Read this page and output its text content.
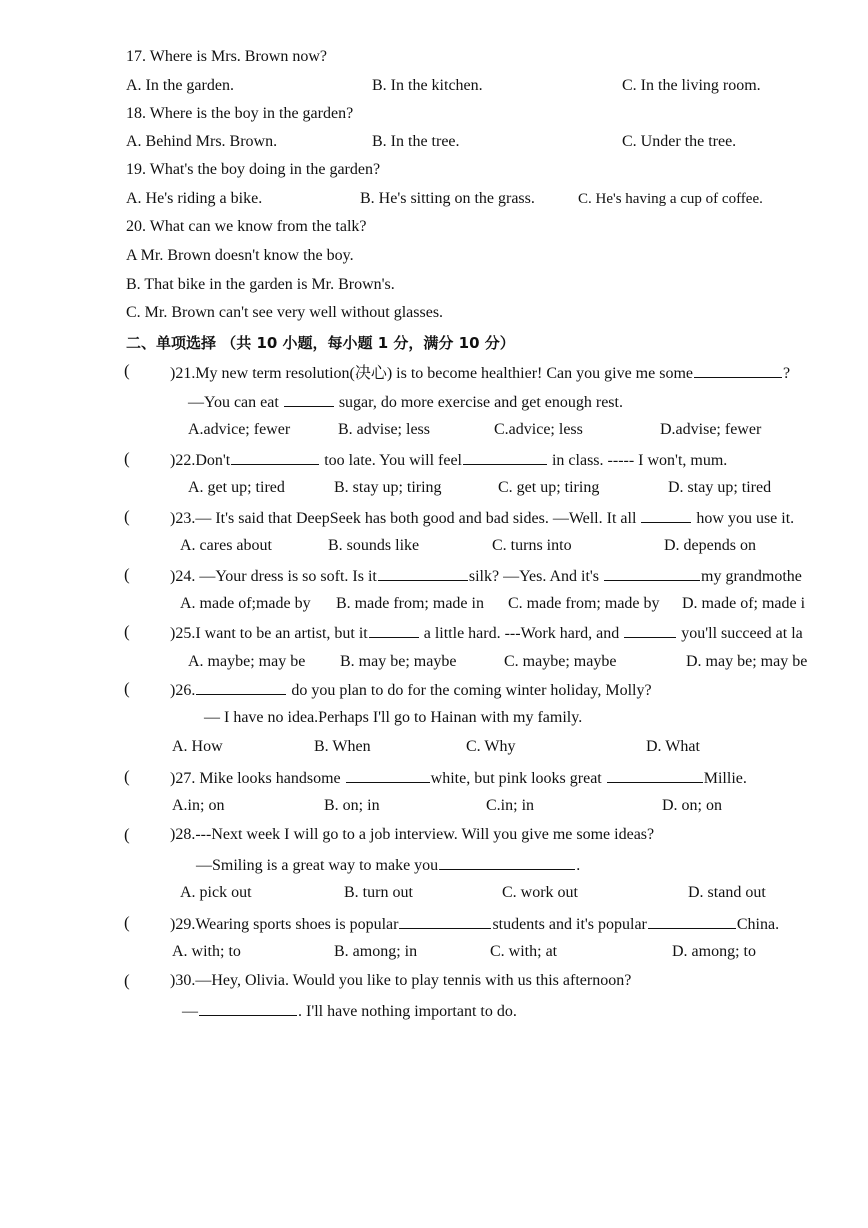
17. Where is Mrs. Brown now?
A. In the garden.	B. In the kitchen.	C. In the living room.
18. Where is the boy in the garden?
A. Behind Mrs. Brown.	B. In the tree.	C. Under the tree.
19. What's the boy doing in the garden?
A. He's riding a bike.	B. He's sitting on the grass.	C. He's having a cup of coffee.
20. What can we know from the talk?
A Mr. Brown doesn't know the boy.
B. That bike in the garden is Mr. Brown's.
C. Mr. Brown can't see very well without glasses.
二、单项选择 （共 10 小题，每小题 1 分，满分 10 分）
(	)21.My new term resolution(决心) is to become healthier! Can you give me some	?
—You can eat	sugar, do more exercise and get enough rest.
A.advice; fewer	B. advise; less	C.advice; less	D.advise; fewer
(	)22.Don't	too late. You will feel	in class. ----- I won't, mum.
A. get up; tired	B. stay up; tiring	C. get up; tiring	D. stay up; tired
(	)23.— It's said that DeepSeek has both good and bad sides. —Well. It all	how you use it.
A. cares about	B. sounds like	C. turns into	D. depends on
(	)24. —Your dress is so soft. Is it	silk? —Yes. And it's	my grandmothe
A. made of;made by B. made from; made in C. made from; made by D. made of; made i
(	)25.I want to be an artist, but it	a little hard. ---Work hard, and	you'll succeed at la
A. maybe; may be B. may be; maybe	C. maybe; maybe	D. may be; may be
(	)26.	do you plan to do for the coming winter holiday, Molly?
— I have no idea.Perhaps I'll go to Hainan with my family.
A. How	B. When	C. Why	D. What
(	)27. Mike looks handsome	white, but pink looks great	Millie.
A.in; on	B. on; in	C.in; in	D. on; on
(	)28.---Next week I will go to a job interview. Will you give me some ideas?
—Smiling is a great way to make you	.
A. pick out	B. turn out	C. work out	D. stand out
(	)29.Wearing sports shoes is popular	students and it's popular	China.
A. with; to	B. among; in	C. with; at	D. among; to
(	)30.—Hey, Olivia. Would you like to play tennis with us this afternoon?
—	. I'll have nothing important to do.
